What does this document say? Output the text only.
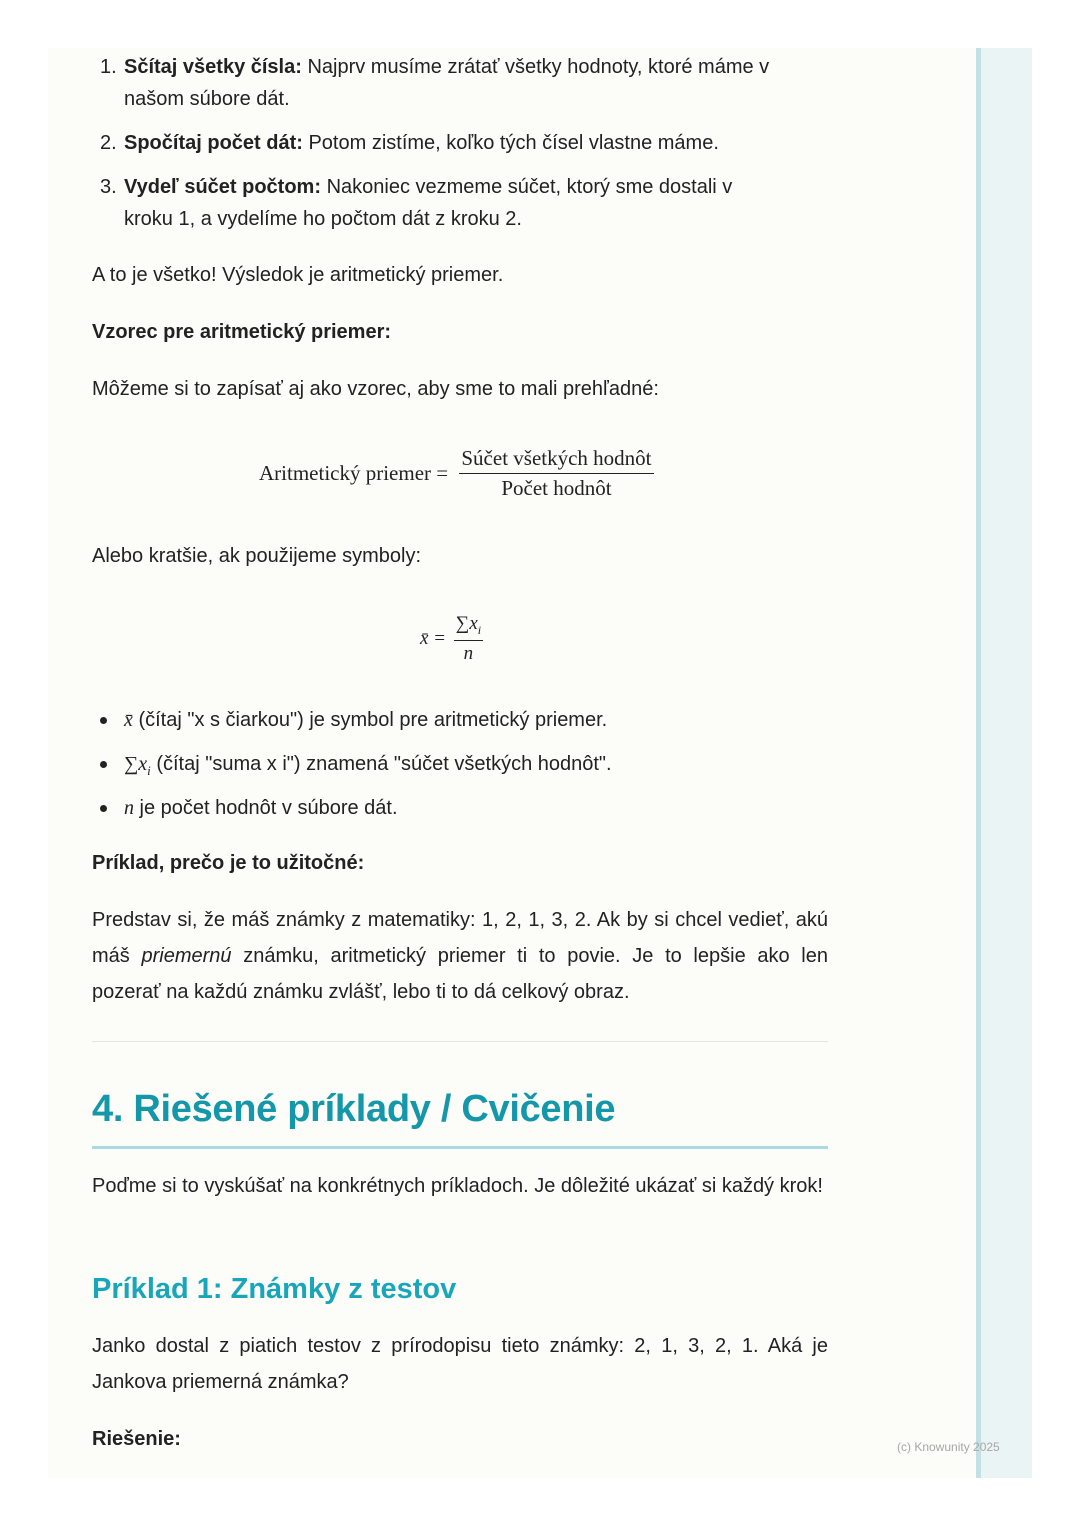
1. Sčítaj všetky čísla: Najprv musíme zrátať všetky hodnoty, ktoré máme v
našom súbore dát.
2. Spočítaj počet dát: Potom zistíme, koľko tých čísel vlastne máme.
3. Vydeľ súčet počtom: Nakoniec vezmeme súčet, ktorý sme dostali v
kroku 1, a vydelíme ho počtom dát z kroku 2.

A to je všetko! Výsledok je aritmetický priemer.

Vzorec pre aritmetický priemer:

Môžeme si to zapísať aj ako vzorec, aby sme to mali prehľadné:

Aritmetický priemer = $\frac{\text{Súčet všetkých hodnôt}}{\text{Počet hodnôt}}$

Alebo kratšie, ak použijeme symboly:

x̄ = $\frac{\sum x_i}{n}$
x̄ (čítaj "x s čiarkou") je symbol pre aritmetický priemer.
$\sum x_i$ (čítaj "suma x i") znamená "súčet všetkých hodnôt".
n je počet hodnôt v súbore dát.

Príklad, prečo je to užitočné:

Predstav si, že máš známky z matematiky: 1, 2, 1, 3, 2. Ak by si chcel vedieť, akú máš priemernú známku, aritmetický priemer ti to povie. Je to lepšie ako len pozerať na každú známku zvlášť, lebo ti to dá celkový obraz.

4. Riešené príklady / Cvičenie

Poďme si to vyskúšať na konkrétnych príkladoch. Je dôležité ukázať si každý krok!

Príklad 1: Známky z testov

Janko dostal z piatich testov z prírodopisu tieto známky: 2, 1, 3, 2, 1. Aká je Jankova priemerná známka?

Riešenie:	(c) Knowunity 2025
